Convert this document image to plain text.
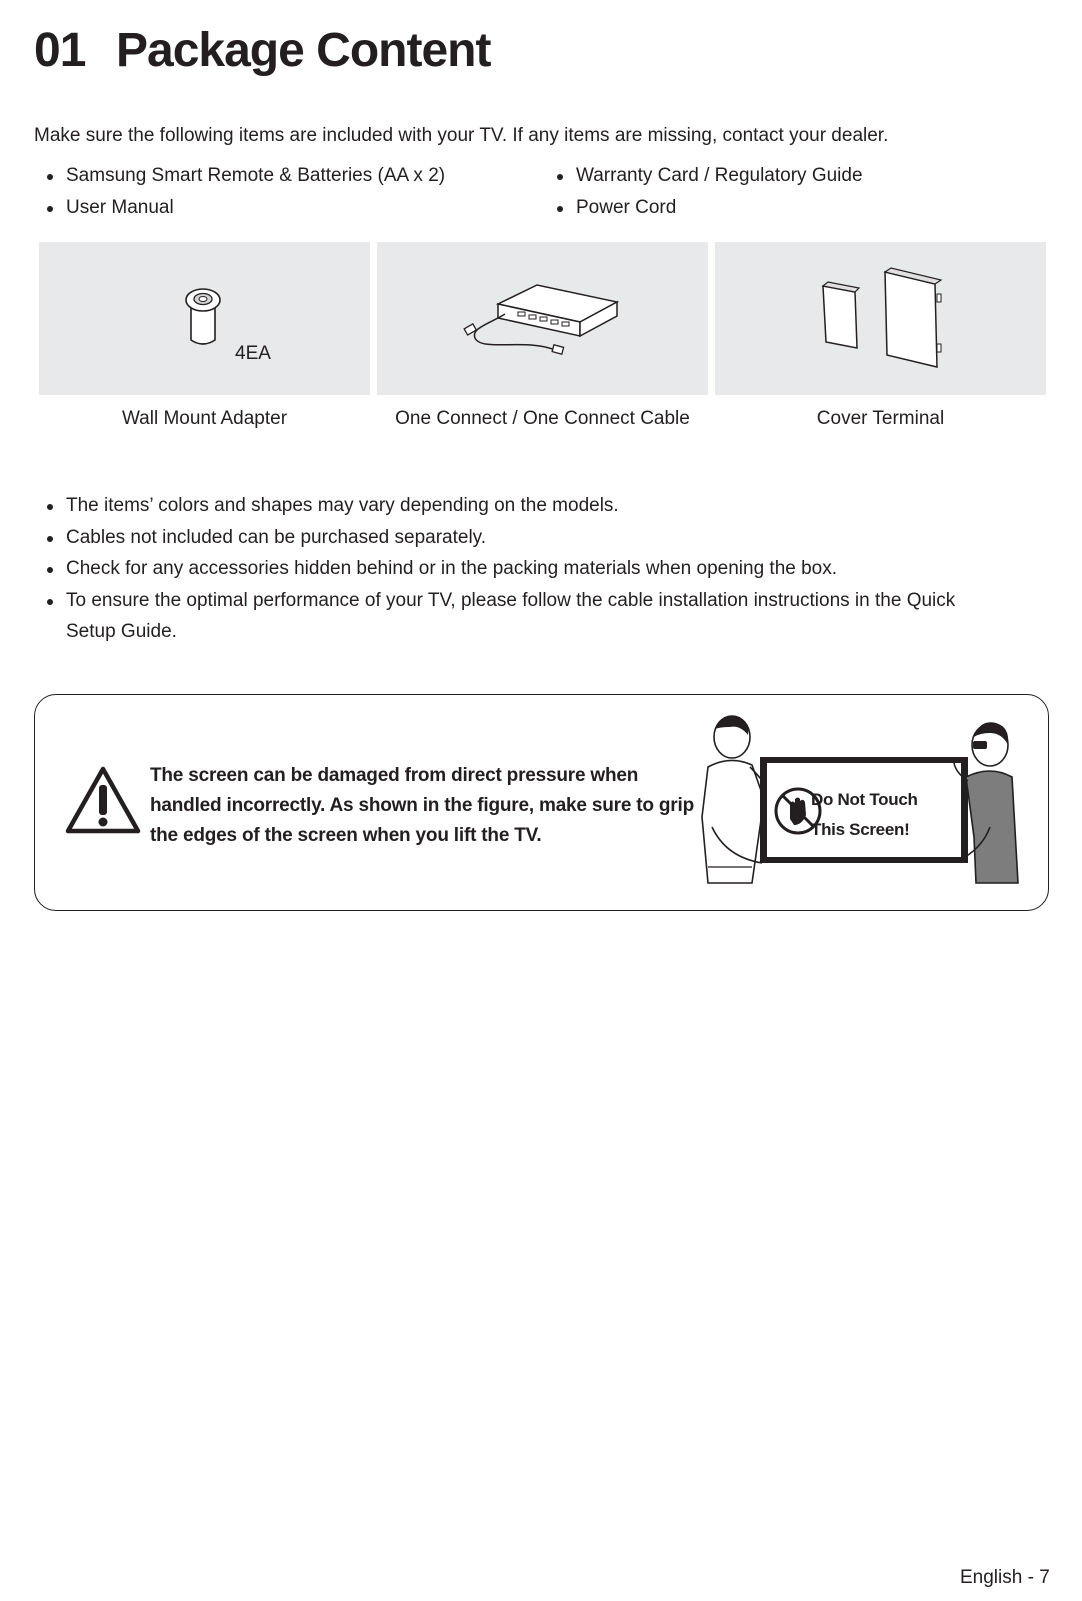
01 Package Content
Make sure the following items are included with your TV. If any items are missing, contact your dealer.
Samsung Smart Remote & Batteries (AA x 2)
User Manual
Warranty Card / Regulatory Guide
Power Cord
4EA
Wall Mount Adapter	One Connect / One Connect Cable	Cover Terminal
The items’ colors and shapes may vary depending on the models.
Cables not included can be purchased separately.
Check for any accessories hidden behind or in the packing materials when opening the box.
To ensure the optimal performance of your TV, please follow the cable installation instructions in the Quick
Setup Guide.
The screen can be damaged from direct pressure when
handled incorrectly. As shown in the figure, make sure to grip
the edges of the screen when you lift the TV.
Do Not Touch
This Screen!
English - 7
